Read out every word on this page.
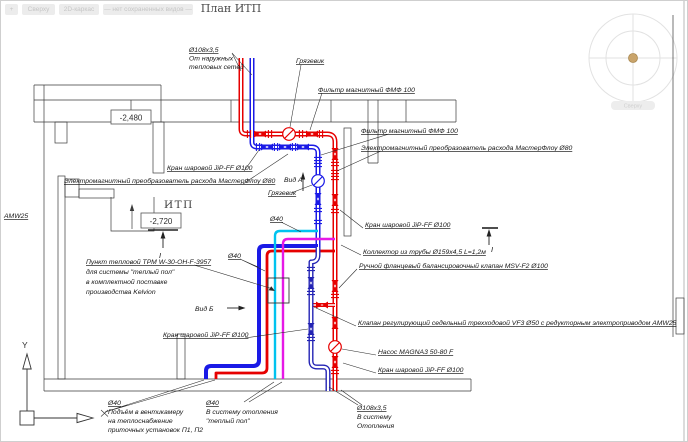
+	Сверху	2D-каркас	— нет сохраненных видов — План ИТП
Сверху
-2,480
-2,720
ИТП
I
I
Y
Ø108x3,5
От наружных
тепловых сетей
Грязевик
Фильтр магнитный ФМФ 100
Фильтр магнитный ФМФ 100
Электромагнитный преобразователь расхода МастерФлоу Ø80
Кран шаровой JiP-FF Ø100
Электромагнитный преобразователь расхода МастерФлоу Ø80 Вид А
Грязевик
Кран шаровой JiP-FF Ø100
Ø40
Коллектор из трубы Ø159x4,5 L=1,2м
Ручной фланцевый балансировочный клапан MSV-F2 Ø100
Пункт тепловой ТРМ W-30-OH-F-3957
для системы "теплый пол"
в комплектной поставке
производства Kelvion
Ø40
Вид Б
Клапан регулирующий седельный трехходовой VF3 Ø50 с редукторным электроприводом AMW25
Насос MAGNA3 50-80 F
Кран шаровой JiP-FF Ø100
Кран шаровой JiP-FF Ø100
AMW25
Ø40
Подъём в вентикамеру
на теплоснабжение
приточных установок П1, П2
Ø40
В систему отопления
"теплый пол"
Ø108x3,5
В систему
Отопления
